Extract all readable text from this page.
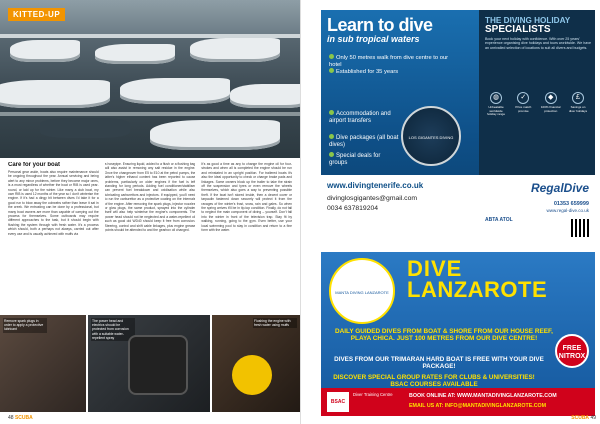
KITTED-UP
Care for your boat

Personal gear aside, boats also require maintenance should be ongoing throughout the year. Annual servicing and being alert to any minor problems, before they become major ones, is a must regardless of whether the boat or RIB is used year-round, or laid up for the winter. Like many a club boat, my own RIB is used 12 months of the year so I don't winterise the engine. If it's had a dingy bit between dives I'd take it for a good run to blow away the cobwebs rather than leave it sat in the creek. We entrusting can be done by a professional, but many boat owners are more than capable of carrying out the process for themselves. Some outboards may require different approaches to the task, but it should begin with flushing the system through with fresh water. It's a process which should, both a perhaps not always, carried out after every use and is usually achieved with muffs via

a hosepipe. Ensuring liquid, added to a flush or a flushing bag will also assist in removing any salt residue in the engine. Once the changeover from E5 to E10 at the petrol pumps, the latter's higher ethanol content has been reported to cause problems, particularly on older engines if the fuel is left standing for long periods. Adding fuel conditioner/stabiliser can prevent fuel breakdown and oxidisation while also lubricating carburettors and injectors. If equipped, you'll need to run the carburettor as a protective coating on the internals of the engine. After removing the spark plugs, injector nozzles or glow plugs, the same product, sprayed into the cylinder itself will also help winterise the engine's components. The power head should not be neglected and a water-repellent oil such as good old WD40 should keep it free from corrosion. Steering, control and shift cable linkages, plus engine grease points should be attended to and the gearbox oil changed.

It's as good a time as any to change the engine oil for four-strokes and when all is completed the engine should be run and reinstated in an upright position. For trailered boats it's also the ideal opportunity to check or change brake pads and linkages. Some owners block up the trailer to take the strain off the suspension and tyres or even remove the wheels themselves, which also goes a way to preventing possible theft. If the boat isn't stored inside, then a decent cover or tarpaulin fastened down securely will protect it from the ravages of the winter's frost, snow, rain and gales. So when the spring arrives it'll be in tip-top condition. Finally, do not fail to neglect the main component of diving – yourself. Don't fall into the winter in front of the television trap. Stay fit by walking, running, going to the gym. Even better, use your local swimming pool to stay in condition and return to a fine form with the water.

Remove spark plugs in order to apply a protective lubricant
The power head and electrics should be protected from corrosion with a suitable water-repellent spray
Flushing the engine with fresh water using muffs
48 SCUBA
Learn to dive
in sub tropical waters
Only 50 metres walk from dive centre to our hotel
Established for 35 years
Accommodation and airport transfers
Dive packages (all boat dives)
Special deals for groups
LOS GIGANTES DIVING
www.divingtenerife.co.uk
divinglosgigantes@gmail.com
0034 637819204
THE DIVING HOLIDAY
SPECIALISTS
Book your next holiday with confidence. With over 25 years' experience organising dive holidays and tours worldwide. We have an unrivalled selection of locations to suit all divers and budgets.
◍
Unbeatable worldwide holiday range
✓
Price match promise
◆
100% financial protection
£
Savings on diver holidays
RegalDive
01353 659999
www.regal-dive.co.uk
ABTA ATOL
MANTA DIVING LANZAROTE
DIVE
LANZAROTE
DAILY GUIDED DIVES FROM BOAT & SHORE FROM OUR HOUSE REEF, PLAYA CHICA. JUST 100 METRES FROM OUR DIVE CENTRE!
FREE
NITROX
DIVES FROM OUR TRIMARAN HARD BOAT IS FREE WITH YOUR DIVE PACKAGE!
DISCOVER SPECIAL GROUP RATES FOR CLUBS & UNIVERSITIES! BSAC COURSES AVAILABLE
BSAC
Diver Training Centre	BOOK ONLINE AT: WWW.MANTADIVINGLANZAROTE.COM
EMAIL US AT: INFO@MANTADIVINGLANZAROTE.COM
SCUBA 49
